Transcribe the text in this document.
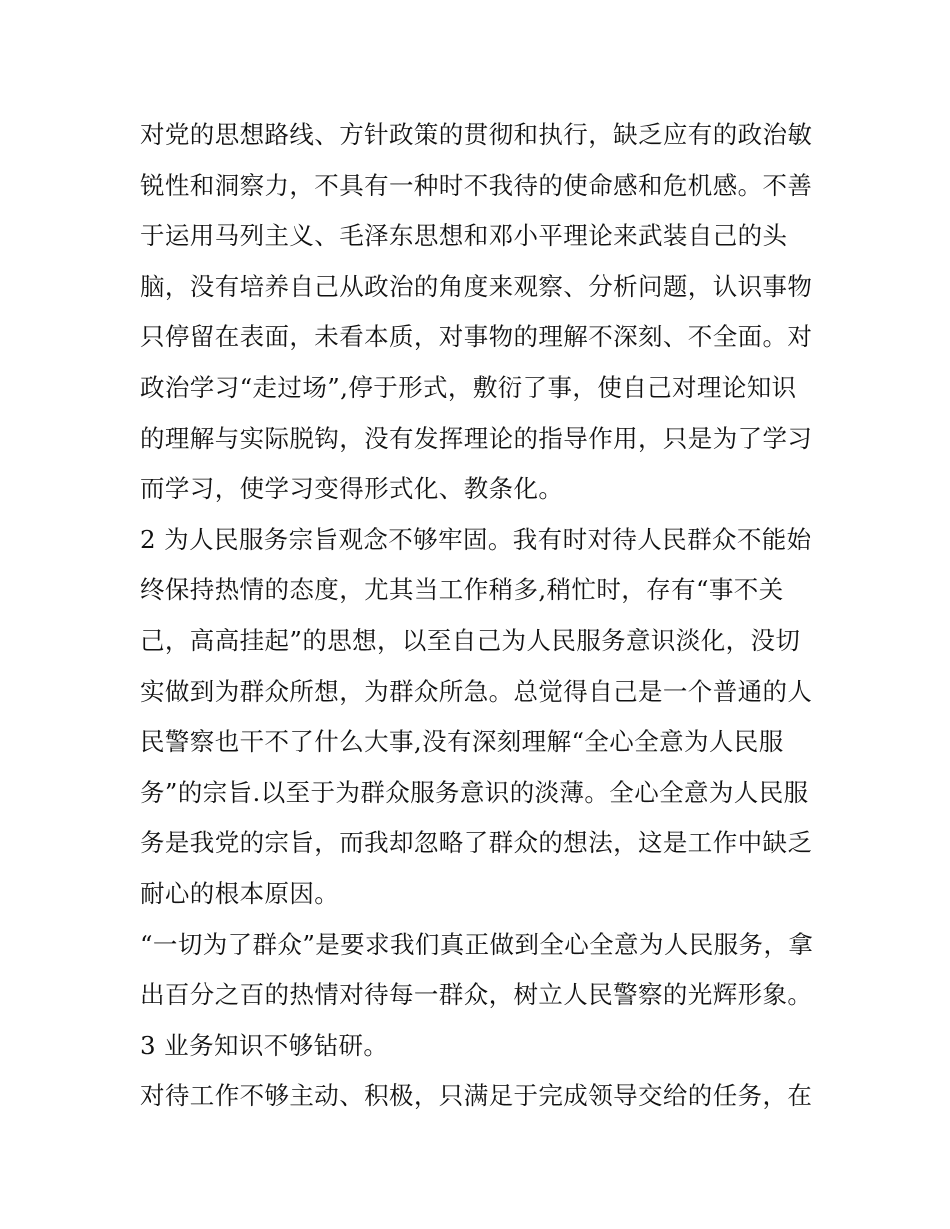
对党的思想路线、方针政策的贯彻和执行，缺乏应有的政治敏
锐性和洞察力，不具有一种时不我待的使命感和危机感。不善
于运用马列主义、毛泽东思想和邓小平理论来武装自己的头
脑，没有培养自己从政治的角度来观察、分析问题，认识事物
只停留在表面，未看本质，对事物的理解不深刻、不全面。对
政治学习“走过场”,停于形式，敷衍了事，使自己对理论知识
的理解与实际脱钩，没有发挥理论的指导作用，只是为了学习
而学习，使学习变得形式化、教条化。
2 为人民服务宗旨观念不够牢固。我有时对待人民群众不能始
终保持热情的态度，尤其当工作稍多,稍忙时，存有“事不关
己，高高挂起”的思想，以至自己为人民服务意识淡化，没切
实做到为群众所想，为群众所急。总觉得自己是一个普通的人
民警察也干不了什么大事,没有深刻理解“全心全意为人民服
务”的宗旨.以至于为群众服务意识的淡薄。全心全意为人民服
务是我党的宗旨，而我却忽略了群众的想法，这是工作中缺乏
耐心的根本原因。
“一切为了群众”是要求我们真正做到全心全意为人民服务，拿
出百分之百的热情对待每一群众，树立人民警察的光辉形象。
3 业务知识不够钻研。
对待工作不够主动、积极，只满足于完成领导交给的任务，在
